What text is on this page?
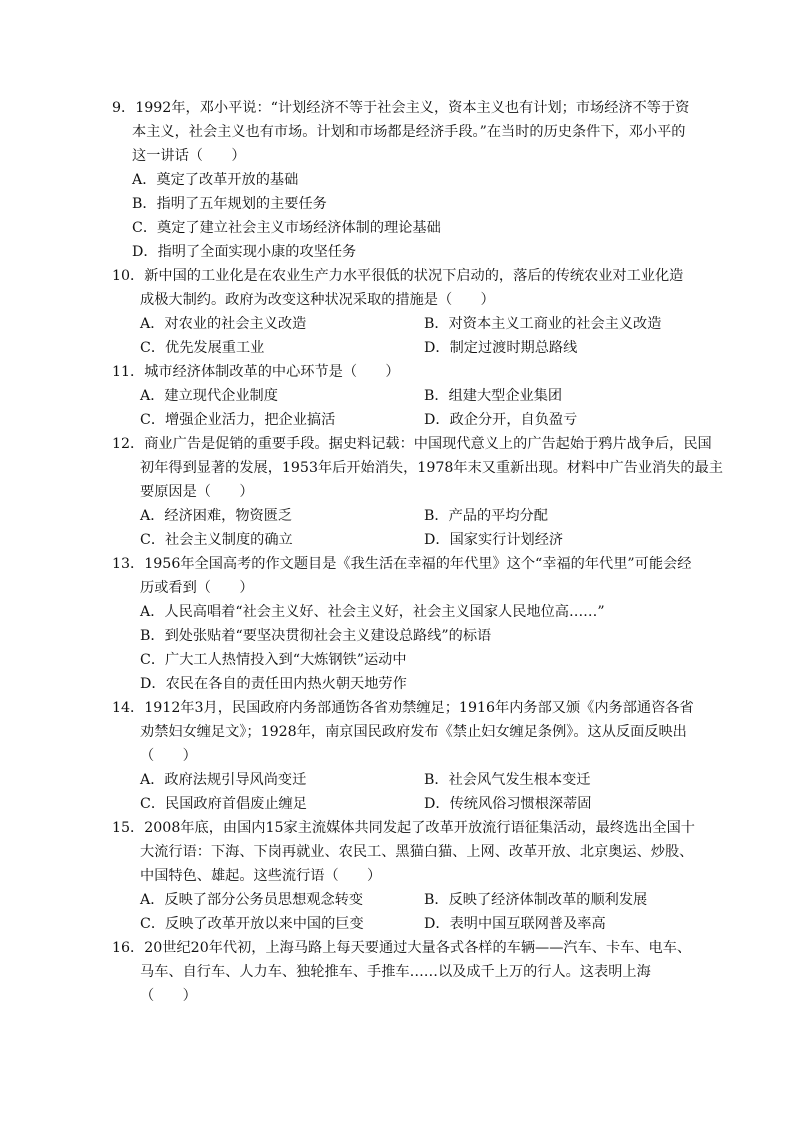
9．1992年，邓小平说：“计划经济不等于社会主义，资本主义也有计划；市场经济不等于资
本主义，社会主义也有市场。计划和市场都是经济手段。”在当时的历史条件下，邓小平的
这一讲话（　　）
A．奠定了改革开放的基础
B．指明了五年规划的主要任务
C．奠定了建立社会主义市场经济体制的理论基础
D．指明了全面实现小康的攻坚任务
10．新中国的工业化是在农业生产力水平很低的状况下启动的，落后的传统农业对工业化造
成极大制约。政府为改变这种状况采取的措施是（　　）
A．对农业的社会主义改造	B．对资本主义工商业的社会主义改造
C．优先发展重工业	D．制定过渡时期总路线
11．城市经济体制改革的中心环节是（　　）
A．建立现代企业制度	B．组建大型企业集团
C．增强企业活力，把企业搞活	D．政企分开，自负盈亏
12．商业广告是促销的重要手段。据史料记载：中国现代意义上的广告起始于鸦片战争后，民国
初年得到显著的发展，1953年后开始消失，1978年末又重新出现。材料中广告业消失的最主
要原因是（　　）
A．经济困难，物资匮乏	B．产品的平均分配
C．社会主义制度的确立	D．国家实行计划经济
13．1956年全国高考的作文题目是《我生活在幸福的年代里》这个“幸福的年代里”可能会经
历或看到（　　）
A．人民高唱着“社会主义好、社会主义好，社会主义国家人民地位高……”
B．到处张贴着“要坚决贯彻社会主义建设总路线”的标语
C．广大工人热情投入到“大炼钢铁”运动中
D．农民在各自的责任田内热火朝天地劳作
14．1912年3月，民国政府内务部通饬各省劝禁缠足；1916年内务部又颁《内务部通咨各省
劝禁妇女缠足文》；1928年，南京国民政府发布《禁止妇女缠足条例》。这从反面反映出
（　　）
A．政府法规引导风尚变迁	B．社会风气发生根本变迁
C．民国政府首倡废止缠足	D．传统风俗习惯根深蒂固
15．2008年底，由国内15家主流媒体共同发起了改革开放流行语征集活动，最终选出全国十
大流行语：下海、下岗再就业、农民工、黑猫白猫、上网、改革开放、北京奥运、炒股、
中国特色、雄起。这些流行语（　　）
A．反映了部分公务员思想观念转变	B．反映了经济体制改革的顺利发展
C．反映了改革开放以来中国的巨变	D．表明中国互联网普及率高
16．20世纪20年代初，上海马路上每天要通过大量各式各样的车辆——汽车、卡车、电车、
马车、自行车、人力车、独轮推车、手推车……以及成千上万的行人。这表明上海
（　　）
